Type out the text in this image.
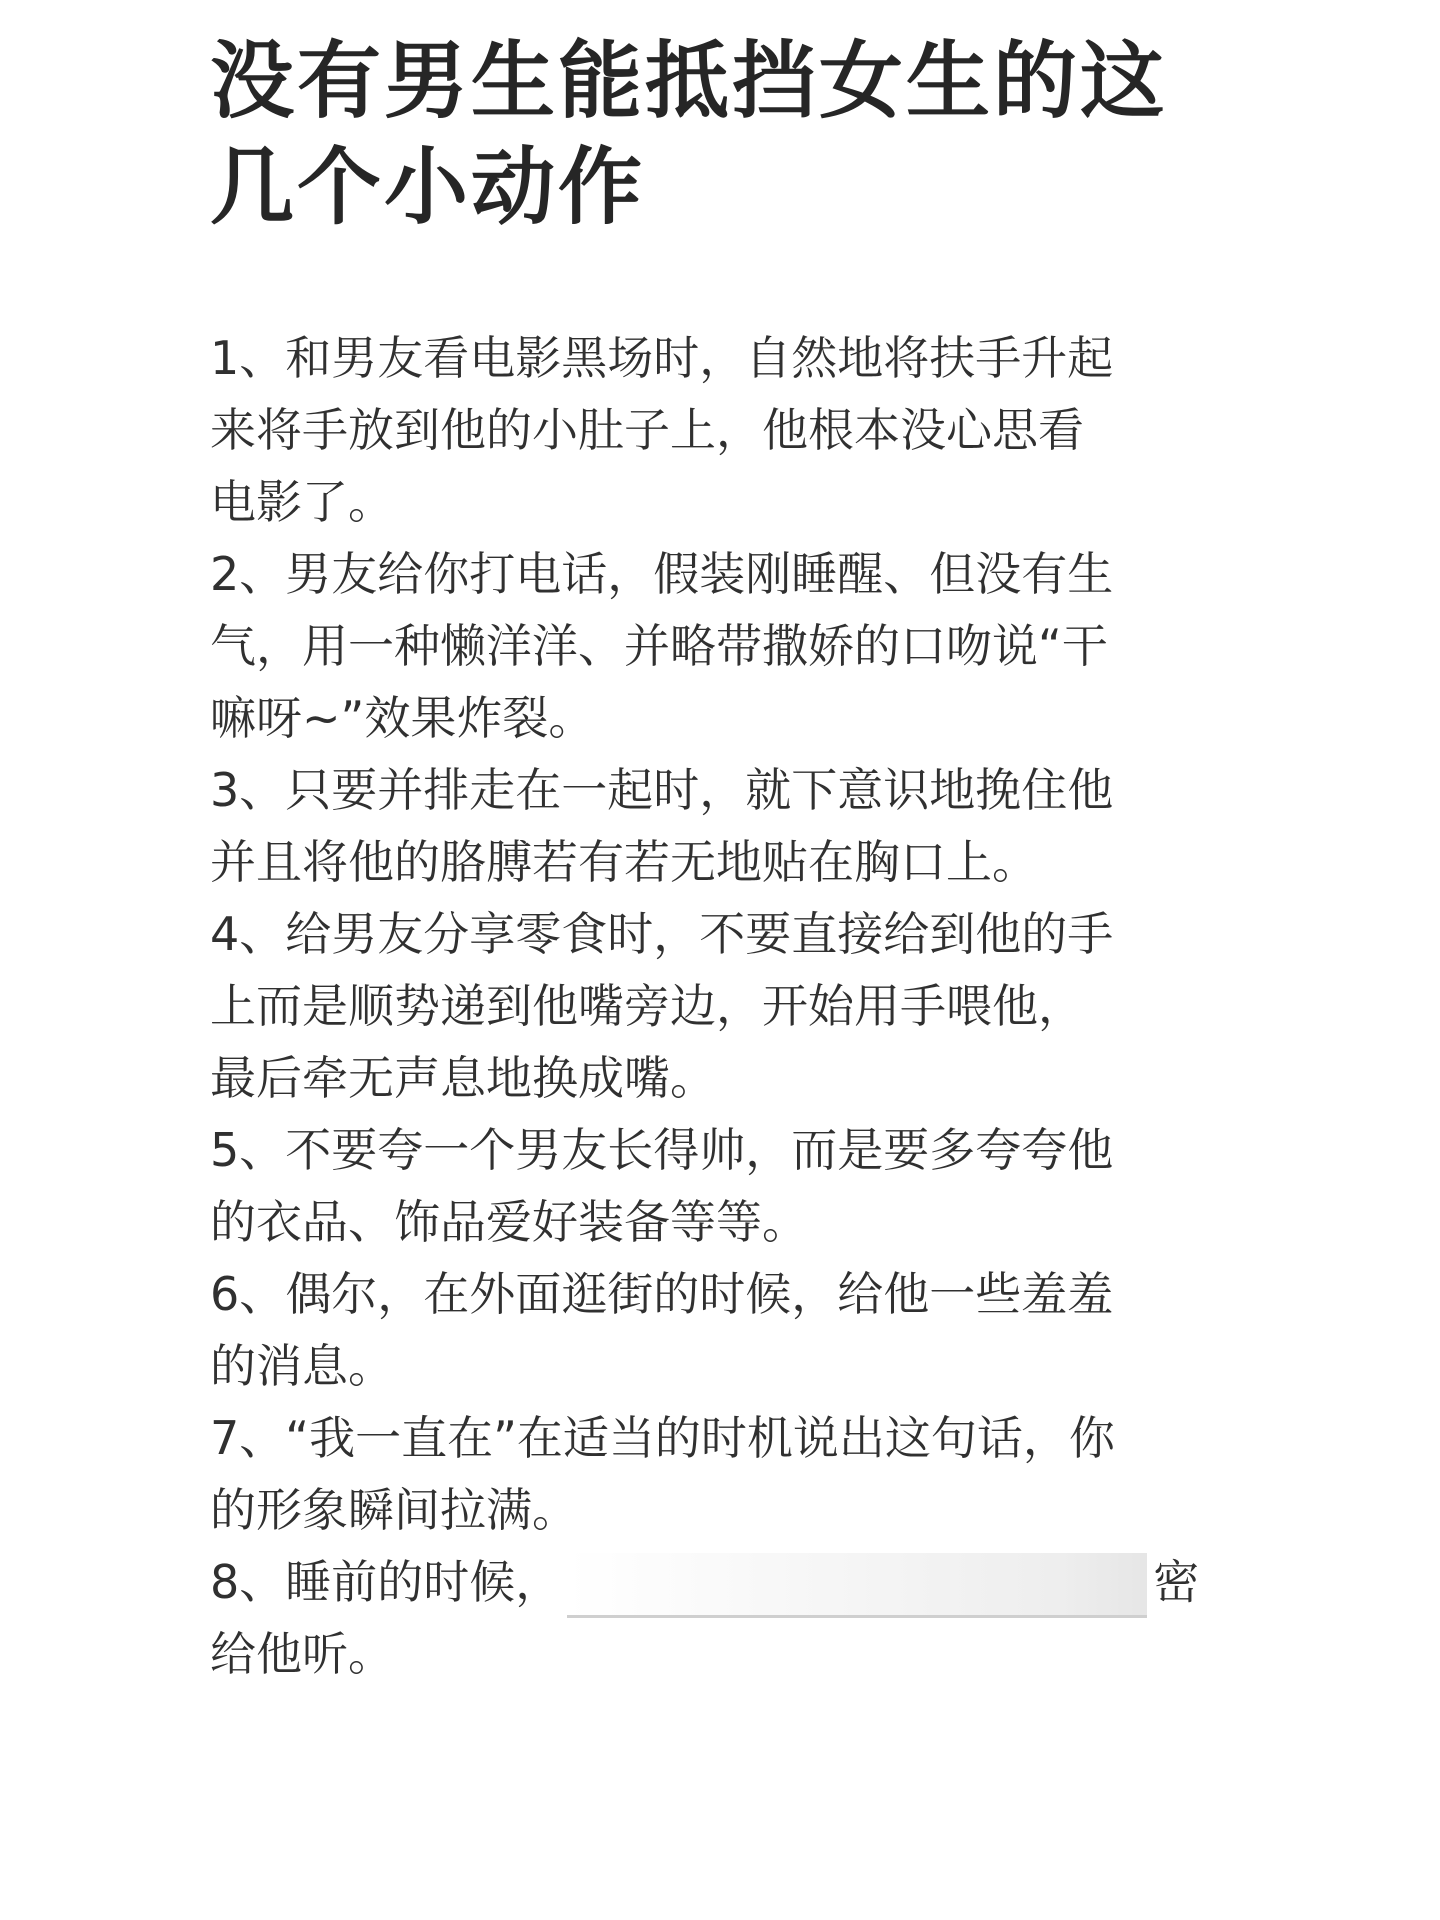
没有男生能抵挡女生的这
几个小动作
1、和男友看电影黑场时，自然地将扶手升起
来将手放到他的小肚子上，他根本没心思看
电影了。
2、男友给你打电话，假装刚睡醒、但没有生
气，用一种懒洋洋、并略带撒娇的口吻说“干
嘛呀~”效果炸裂。
3、只要并排走在一起时，就下意识地挽住他
并且将他的胳膊若有若无地贴在胸口上。
4、给男友分享零食时，不要直接给到他的手
上而是顺势递到他嘴旁边，开始用手喂他，
最后牵无声息地换成嘴。
5、不要夸一个男友长得帅，而是要多夸夸他
的衣品、饰品爱好装备等等。
6、偶尔，在外面逛街的时候，给他一些羞羞
的消息。
7、“我一直在”在适当的时机说出这句话，你
的形象瞬间拉满。
8、睡前的时候，	密
给他听。
